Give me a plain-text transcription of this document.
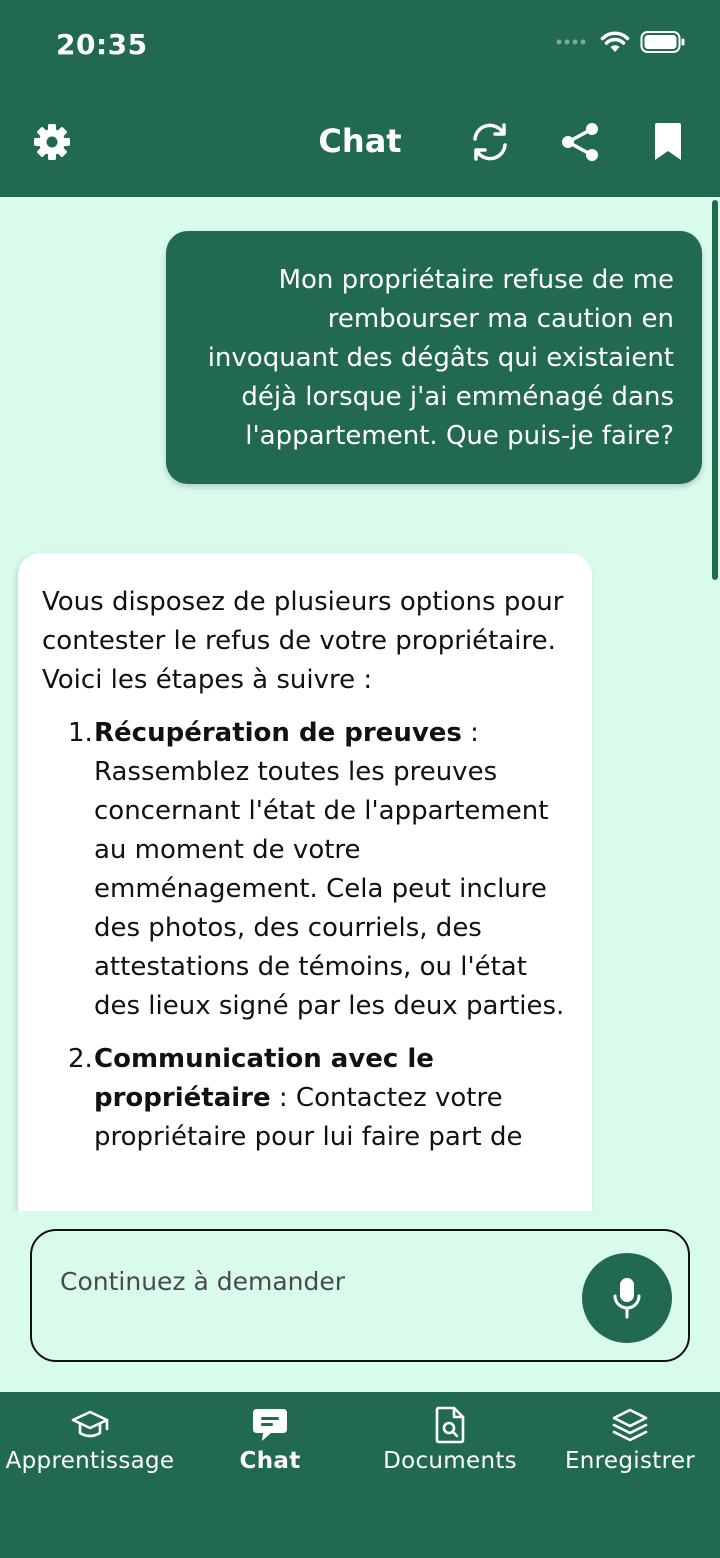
20:35
Chat
Mon propriétaire refuse de me rembourser ma caution en invoquant des dégâts qui existaient déjà lorsque j'ai emménagé dans l'appartement. Que puis-je faire?

Vous disposez de plusieurs options pour contester le refus de votre propriétaire. Voici les étapes à suivre :

1. Récupération de preuves : Rassemblez toutes les preuves concernant l'état de l'appartement au moment de votre emménagement. Cela peut inclure des photos, des courriels, des attestations de témoins, ou l'état des lieux signé par les deux parties.
2. Communication avec le propriétaire : Contactez votre propriétaire pour lui faire part de
Continuez à demander
Apprentissage	Chat	Documents	Enregistrer
